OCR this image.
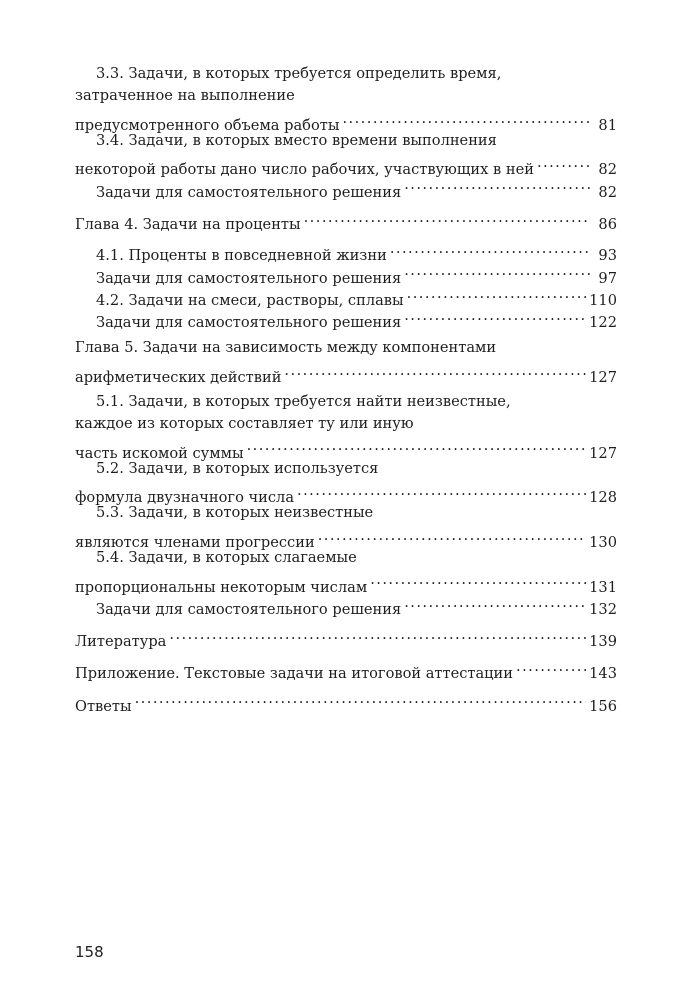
3.3. Задачи, в которых требуется определить время,
затраченное на выполнение
предусмотренного объема работы . . .	81
3.4. Задачи, в которых вместо времени выполнения
некоторой работы дано число рабочих, участвующих в ней . . .	82
Задачи для самостоятельного решения . . .	82
Глава 4. Задачи на проценты . . .	86
4.1. Проценты в повседневной жизни . . .	93
Задачи для самостоятельного решения . . .	97
4.2. Задачи на смеси, растворы, сплавы . . .	110
Задачи для самостоятельного решения . . .	122
Глава 5. Задачи на зависимость между компонентами
арифметических действий . . .	127
5.1. Задачи, в которых требуется найти неизвестные,
каждое из которых составляет ту или иную
часть искомой суммы . . .	127
5.2. Задачи, в которых используется
формула двузначного числа . . .	128
5.3. Задачи, в которых неизвестные
являются членами прогрессии . . .	130
5.4. Задачи, в которых слагаемые
пропорциональны некоторым числам . . .	131
Задачи для самостоятельного решения . . .	132
Литература . . .	139
Приложение. Текстовые задачи на итоговой аттестации . . .	143
Ответы . . .	156
158
